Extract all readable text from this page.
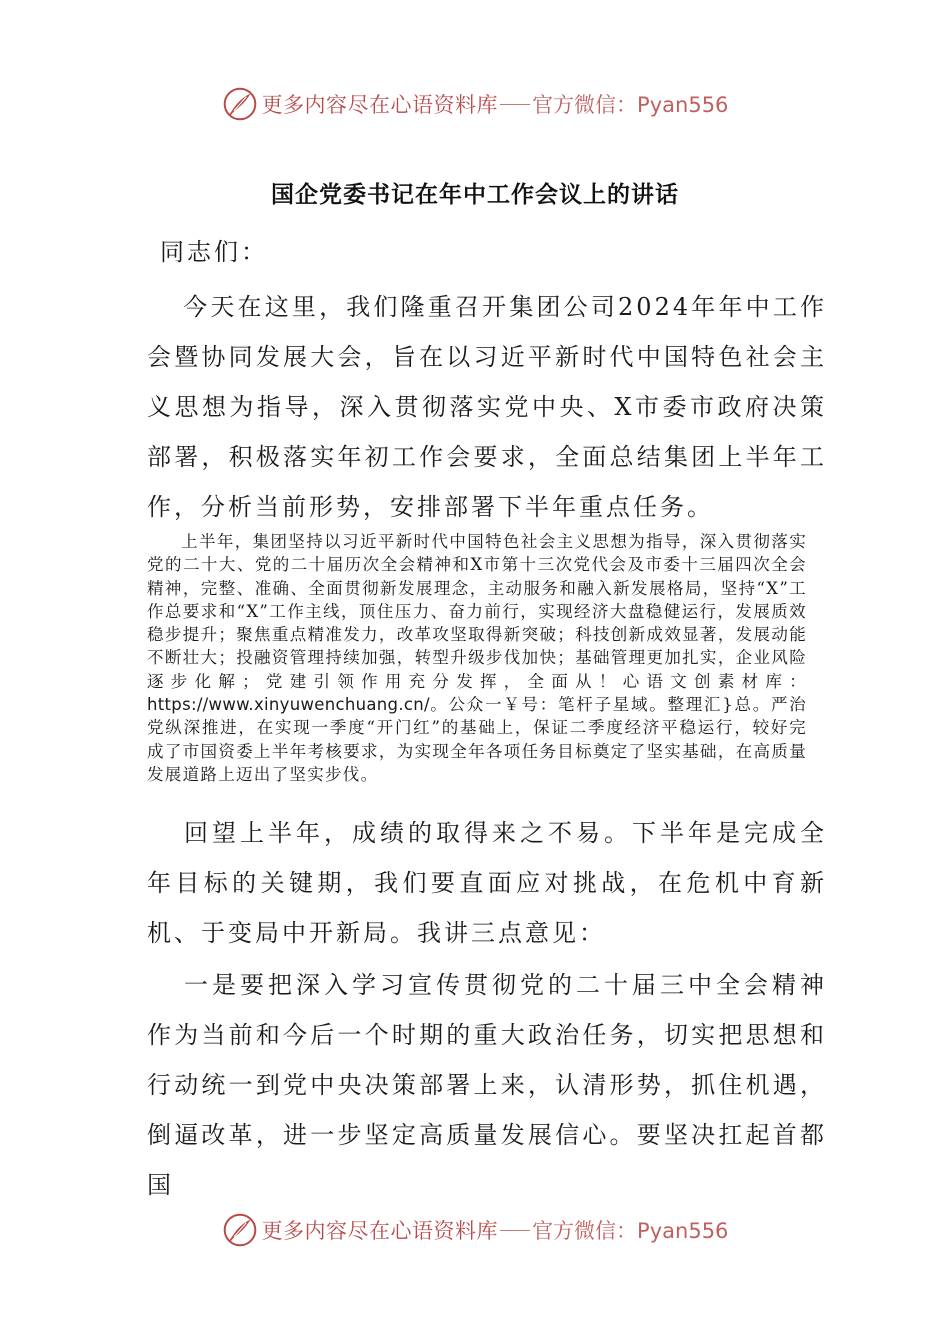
更多内容尽在心语资料库 官方微信：Pyan556
国企党委书记在年中工作会议上的讲话
同志们：
今天在这里，我们隆重召开集团公司2024年年中工作会暨协同发展大会，旨在以习近平新时代中国特色社会主义思想为指导，深入贯彻落实党中央、X市委市政府决策部署，积极落实年初工作会要求，全面总结集团上半年工作，分析当前形势，安排部署下半年重点任务。
上半年，集团坚持以习近平新时代中国特色社会主义思想为指导，深入贯彻落实党的二十大、党的二十届历次全会精神和X市第十三次党代会及市委十三届四次全会精神，完整、准确、全面贯彻新发展理念，主动服务和融入新发展格局，坚持“X”工作总要求和“X”工作主线，顶住压力、奋力前行，实现经济大盘稳健运行，发展质效稳步提升；聚焦重点精准发力，改革攻坚取得新突破；科技创新成效显著，发展动能不断壮大；投融资管理持续加强，转型升级步伐加快；基础管理更加扎实，企业风险逐步化解；党建引领作用充分发挥，全面从！心语文创素材库：https://www.xinyuwenchuang.cn/。公众一￥号：笔杆子星域。整理汇}总。严治党纵深推进，在实现一季度“开门红”的基础上，保证二季度经济平稳运行，较好完成了市国资委上半年考核要求，为实现全年各项任务目标奠定了坚实基础，在高质量发展道路上迈出了坚实步伐。
回望上半年，成绩的取得来之不易。下半年是完成全年目标的关键期，我们要直面应对挑战，在危机中育新机、于变局中开新局。我讲三点意见：
一是要把深入学习宣传贯彻党的二十届三中全会精神作为当前和今后一个时期的重大政治任务，切实把思想和行动统一到党中央决策部署上来，认清形势，抓住机遇，倒逼改革，进一步坚定高质量发展信心。要坚决扛起首都国
更多内容尽在心语资料库 官方微信：Pyan556
